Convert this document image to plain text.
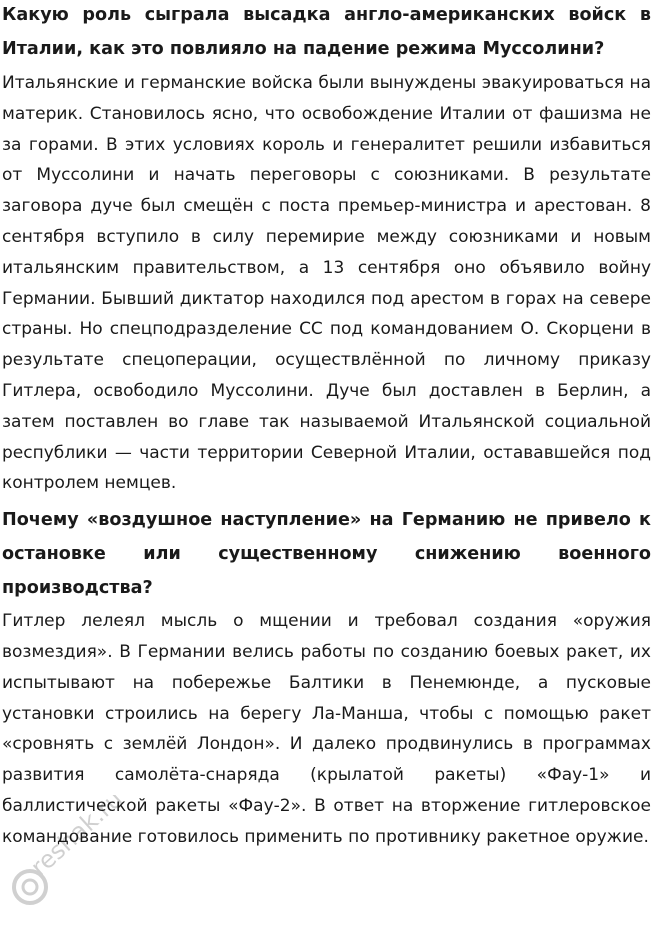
Какую роль сыграла высадка англо-американских войск в Италии, как это повлияло на падение режима Муссолини?

Итальянские и германские войска были вынуждены эвакуироваться на материк. Становилось ясно, что освобождение Италии от фашизма не за горами. В этих условиях король и генералитет решили избавиться от Муссолини и начать переговоры с союзниками. В результате заговора дуче был смещён с поста премьер-министра и арестован. 8 сентября вступило в силу перемирие между союзниками и новым итальянским правительством, а 13 сентября оно объявило войну Германии. Бывший диктатор находился под арестом в горах на севере страны. Но спецподразделение СС под командованием О. Скорцени в результате спецоперации, осуществлённой по личному приказу Гитлера, освободило Муссолини. Дуче был доставлен в Берлин, а затем поставлен во главе так называемой Итальянской социальной республики — части территории Северной Италии, остававшейся под контролем немцев.

Почему «воздушное наступление» на Германию не привело к остановке или существенному снижению военного производства?

Гитлер лелеял мысль о мщении и требовал создания «оружия возмездия». В Германии велись работы по созданию боевых ракет, их испытывают на побережье Балтики в Пенемюнде, а пусковые установки строились на берегу Ла-Манша, чтобы с помощью ракет «сровнять с землёй Лондон». И далеко продвинулись в программах развития самолёта-снаряда (крылатой ракеты) «Фау-1» и баллистической ракеты «Фау-2». В ответ на вторжение гитлеровское командование готовилось применить по противнику ракетное оружие.

reshak.ru
